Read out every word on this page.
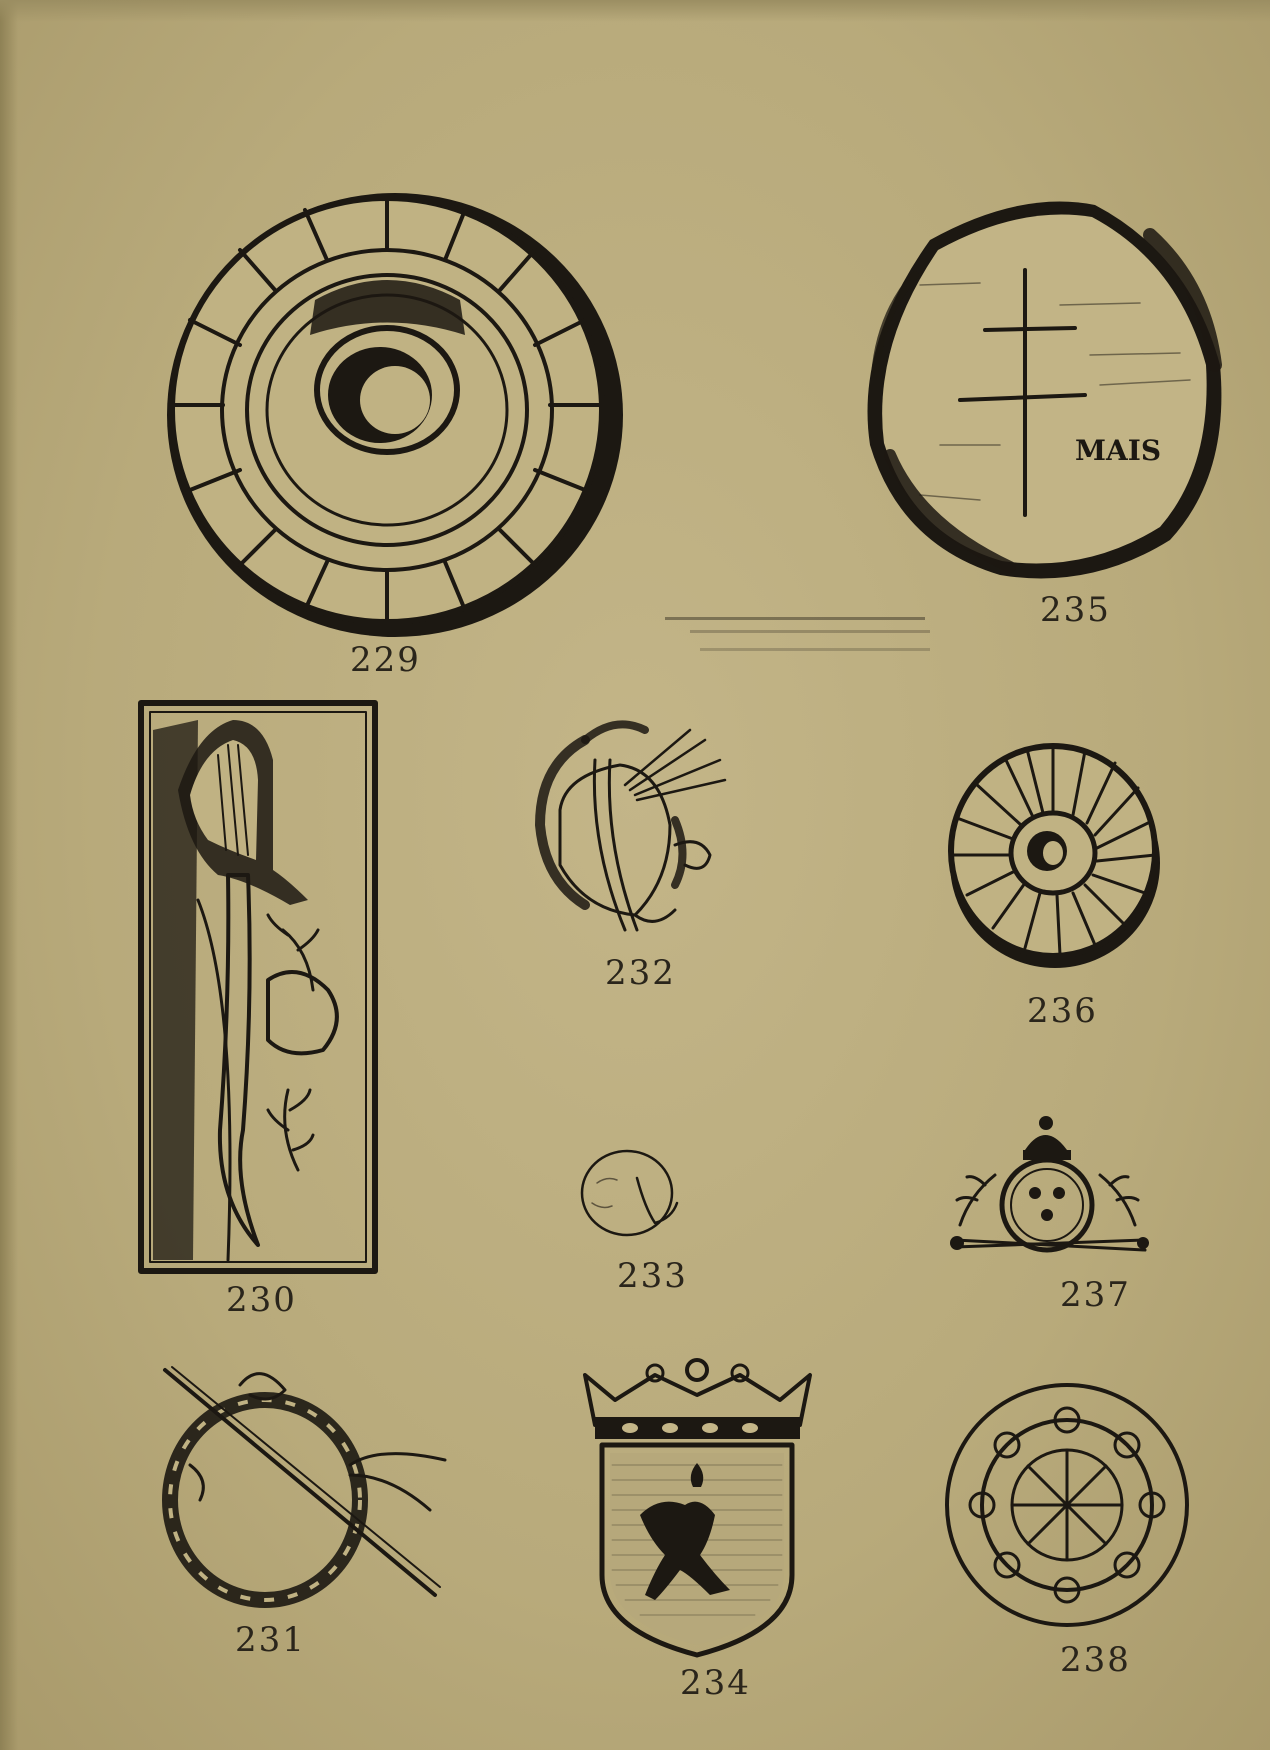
229
MAIS
235
230
232
236
233	237
231
234
238
